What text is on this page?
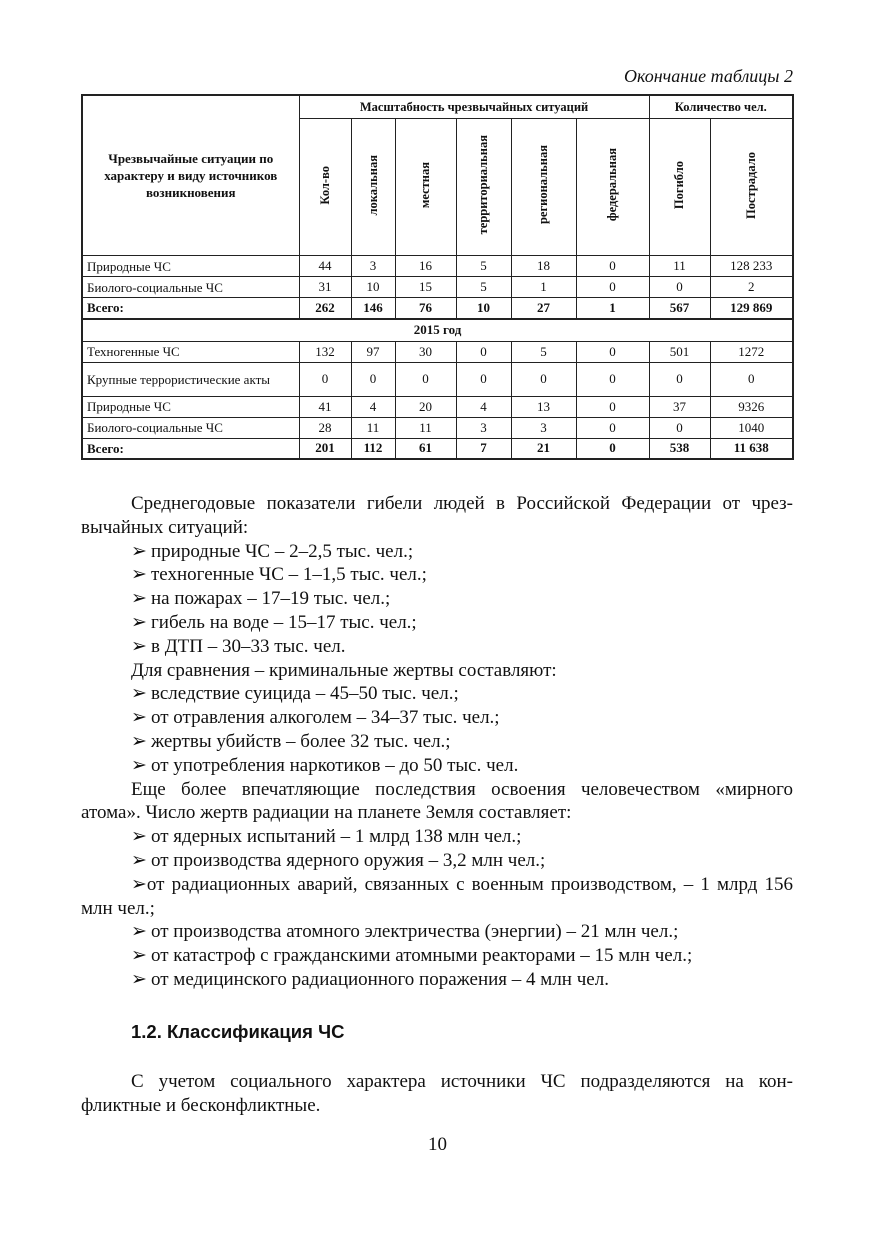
Окончание таблицы 2
Чрезвычайные ситуации по характеру и виду источников возникновения	Масштабность чрезвычайных ситуаций						Количество чел.	
	Кол-во	локальная	местная	территориальная	региональная	федеральная	Погибло	Пострадало
Природные ЧС	44	3	16	5	18	0	11	128 233
Биолого-социальные ЧС	31	10	15	5	1	0	0	2
Всего:	262	146	76	10	27	1	567	129 869
2015 год								
Техногенные ЧС	132	97	30	0	5	0	501	1272
Крупные террористические акты	0	0	0	0	0	0	0	0
Природные ЧС	41	4	20	4	13	0	37	9326
Биолого-социальные ЧС	28	11	11	3	3	0	0	1040
Всего:	201	112	61	7	21	0	538	11 638

Среднегодовые показатели гибели людей в Российской Федерации от чрез-

вычайных ситуаций:

➢ природные ЧС – 2–2,5 тыс. чел.;

➢ техногенные ЧС – 1–1,5 тыс. чел.;

➢ на пожарах – 17–19 тыс. чел.;

➢ гибель на воде – 15–17 тыс. чел.;

➢ в ДТП – 30–33 тыс. чел.

Для сравнения – криминальные жертвы составляют:

➢ вследствие суицида – 45–50 тыс. чел.;

➢ от отравления алкоголем – 34–37 тыс. чел.;

➢ жертвы убийств – более 32 тыс. чел.;

➢ от употребления наркотиков – до 50 тыс. чел.

Еще более впечатляющие последствия освоения человечеством «мирного

атома». Число жертв радиации на планете Земля составляет:

➢ от ядерных испытаний – 1 млрд 138 млн чел.;

➢ от производства ядерного оружия – 3,2 млн чел.;

➢от радиационных аварий, связанных с военным производством, – 1 млрд 156 млн чел.;

➢ от производства атомного электричества (энергии) – 21 млн чел.;

➢ от катастроф с гражданскими атомными реакторами – 15 млн чел.;

➢ от медицинского радиационного поражения – 4 млн чел.

1.2. Классификация ЧС

С учетом социального характера источники ЧС подразделяются на кон-

фликтные и бесконфликтные.

10
